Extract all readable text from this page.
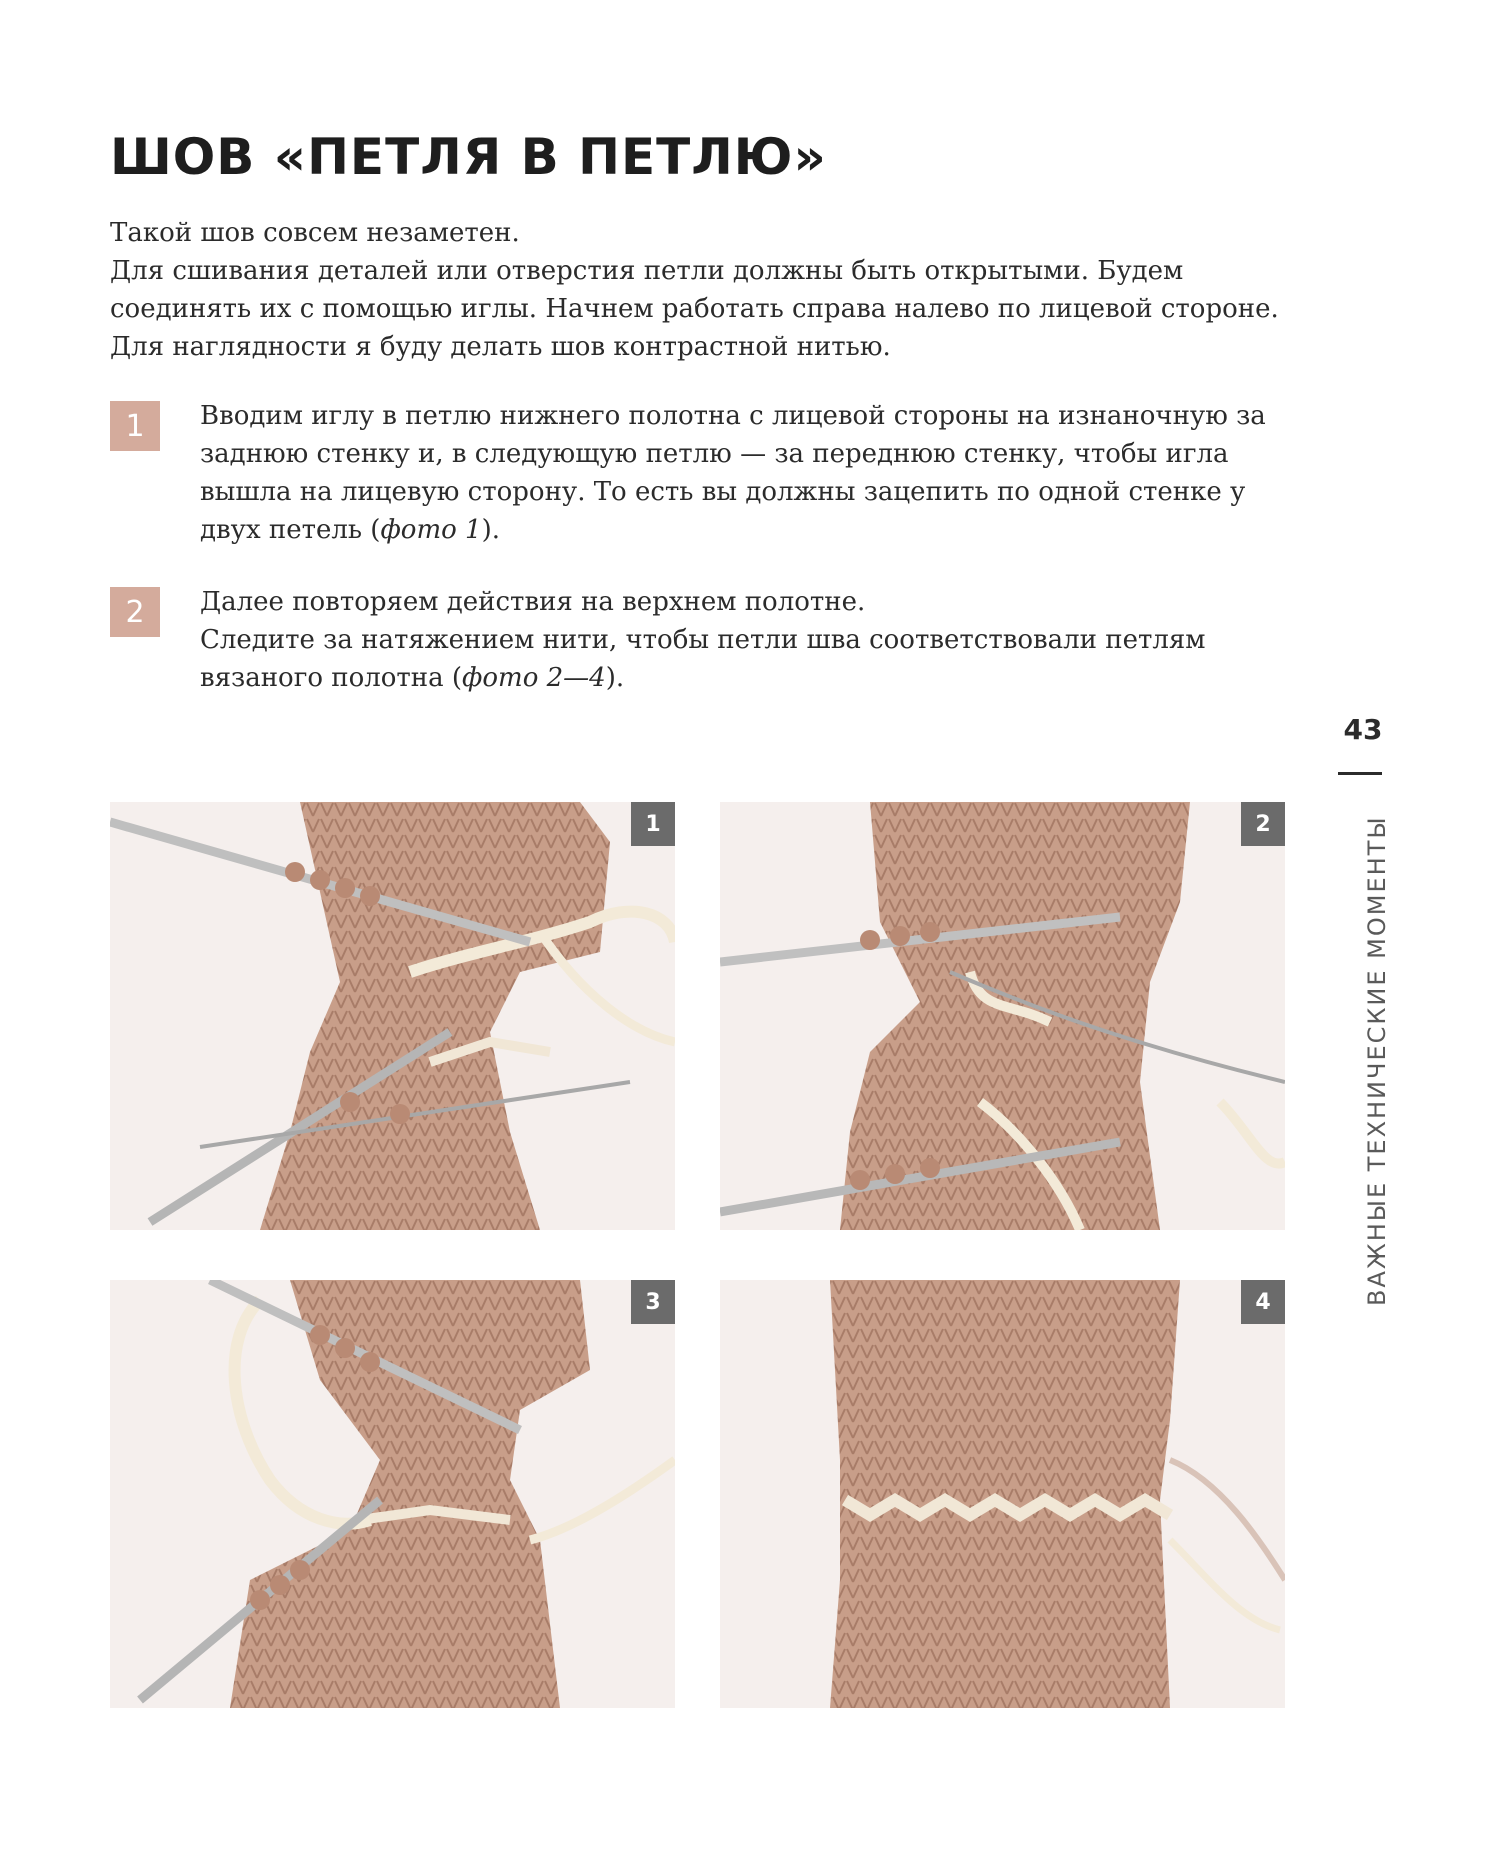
ШОВ «ПЕТЛЯ В ПЕТЛЮ»

Такой шов совсем незаметен.

Для сшивания деталей или отверстия петли должны быть открытыми. Будем соединять их с помощью иглы. Начнем работать справа налево по лицевой стороне. Для наглядности я буду делать шов контрастной нитью.

1	Вводим иглу в петлю нижнего полотна с лицевой стороны на изнаночную за заднюю стенку и, в следующую петлю — за переднюю стенку, чтобы игла вышла на лицевую сторону. То есть вы должны зацепить по одной стенке у двух петель (фото 1).

2	Далее повторяем действия на верхнем полотне.

Следите за натяжением нити, чтобы петли шва соответствовали петлям вязаного полотна (фото 2—4).

43
ВАЖНЫЕ ТЕХНИЧЕСКИЕ МОМЕНТЫ
1	2
3	4
